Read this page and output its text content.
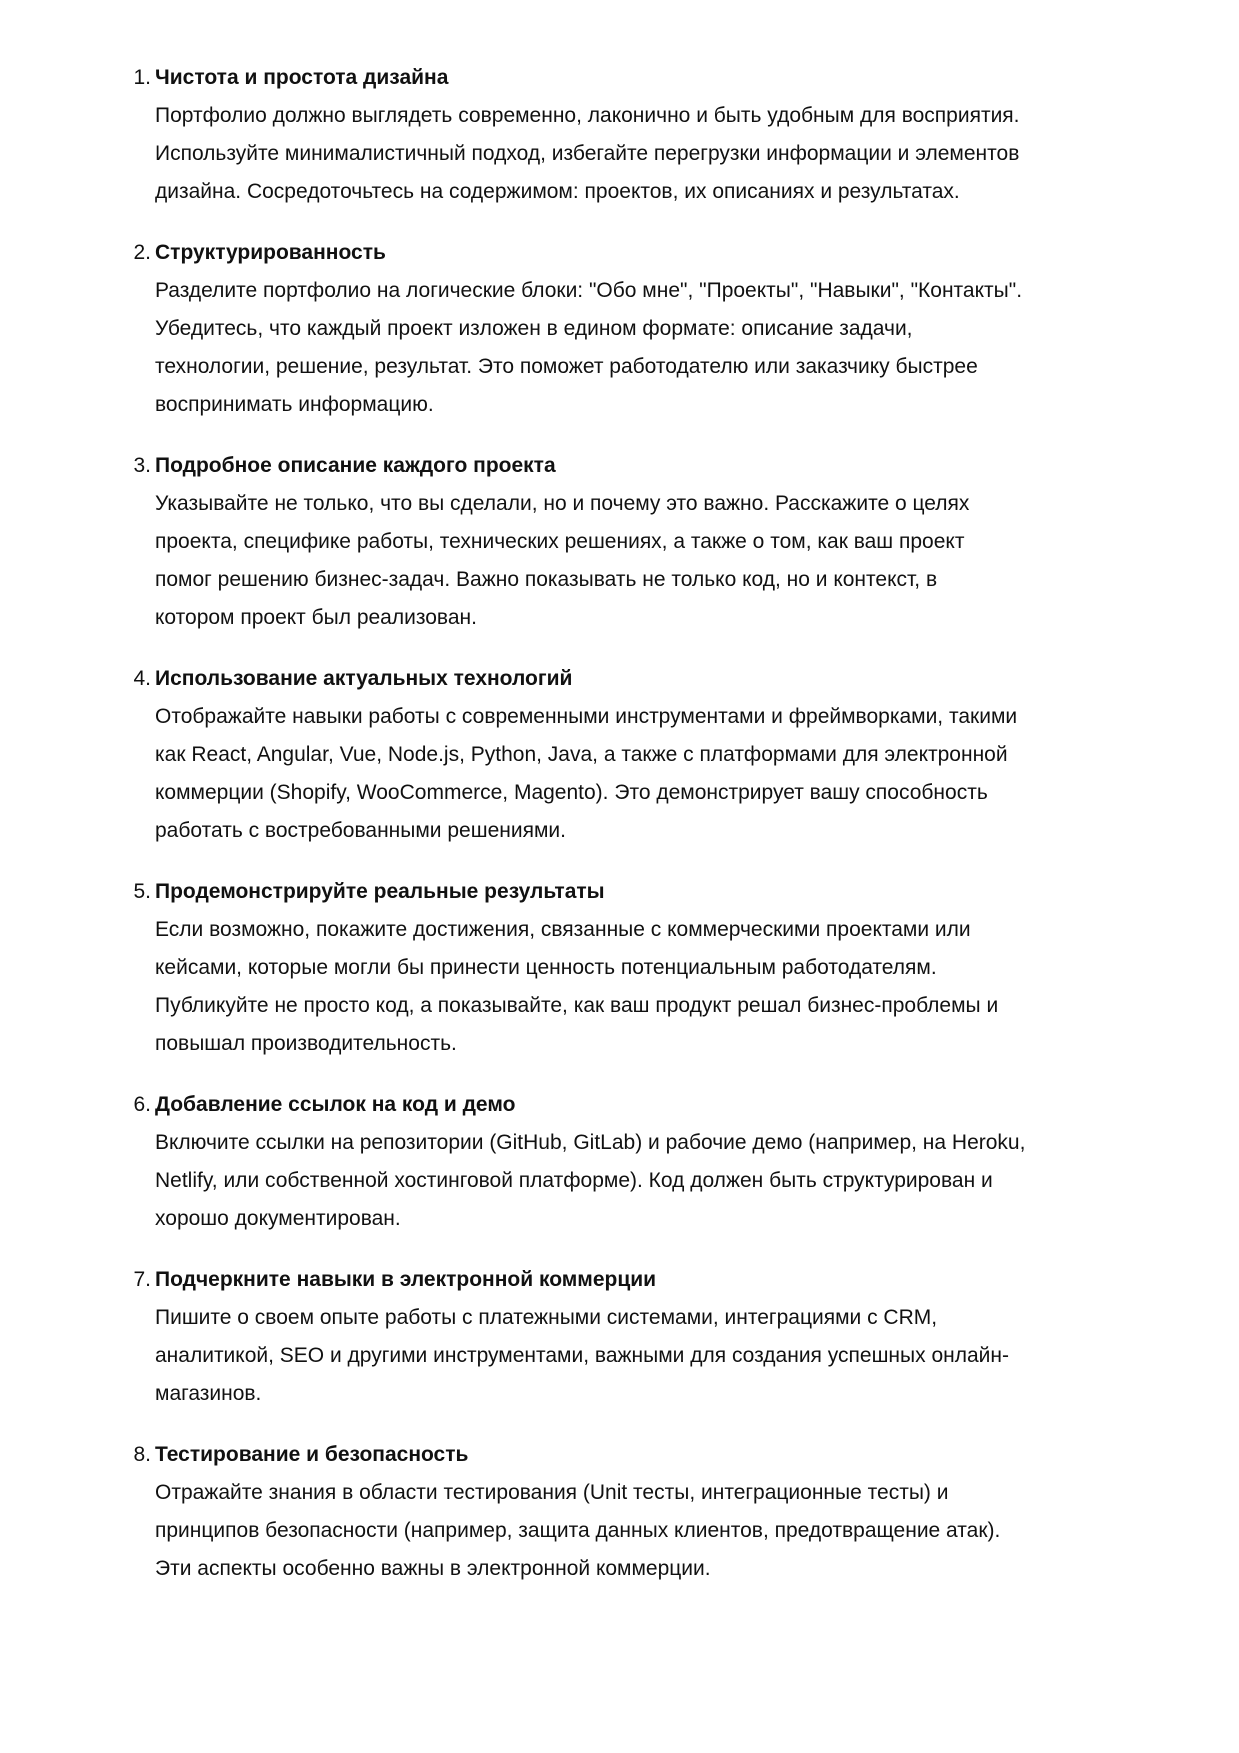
1. Чистота и простота дизайна
Портфолио должно выглядеть современно, лаконично и быть удобным для восприятия.
Используйте минималистичный подход, избегайте перегрузки информации и элементов
дизайна. Сосредоточьтесь на содержимом: проектов, их описаниях и результатах.
2. Структурированность
Разделите портфолио на логические блоки: "Обо мне", "Проекты", "Навыки", "Контакты".
Убедитесь, что каждый проект изложен в едином формате: описание задачи,
технологии, решение, результат. Это поможет работодателю или заказчику быстрее
воспринимать информацию.
3. Подробное описание каждого проекта
Указывайте не только, что вы сделали, но и почему это важно. Расскажите о целях
проекта, специфике работы, технических решениях, а также о том, как ваш проект
помог решению бизнес-задач. Важно показывать не только код, но и контекст, в
котором проект был реализован.
4. Использование актуальных технологий
Отображайте навыки работы с современными инструментами и фреймворками, такими
как React, Angular, Vue, Node.js, Python, Java, а также с платформами для электронной
коммерции (Shopify, WooCommerce, Magento). Это демонстрирует вашу способность
работать с востребованными решениями.
5. Продемонстрируйте реальные результаты
Если возможно, покажите достижения, связанные с коммерческими проектами или
кейсами, которые могли бы принести ценность потенциальным работодателям.
Публикуйте не просто код, а показывайте, как ваш продукт решал бизнес-проблемы и
повышал производительность.
6. Добавление ссылок на код и демо
Включите ссылки на репозитории (GitHub, GitLab) и рабочие демо (например, на Heroku,
Netlify, или собственной хостинговой платформе). Код должен быть структурирован и
хорошо документирован.
7. Подчеркните навыки в электронной коммерции
Пишите о своем опыте работы с платежными системами, интеграциями с CRM,
аналитикой, SEO и другими инструментами, важными для создания успешных онлайн-
магазинов.
8. Тестирование и безопасность
Отражайте знания в области тестирования (Unit тесты, интеграционные тесты) и
принципов безопасности (например, защита данных клиентов, предотвращение атак).
Эти аспекты особенно важны в электронной коммерции.
